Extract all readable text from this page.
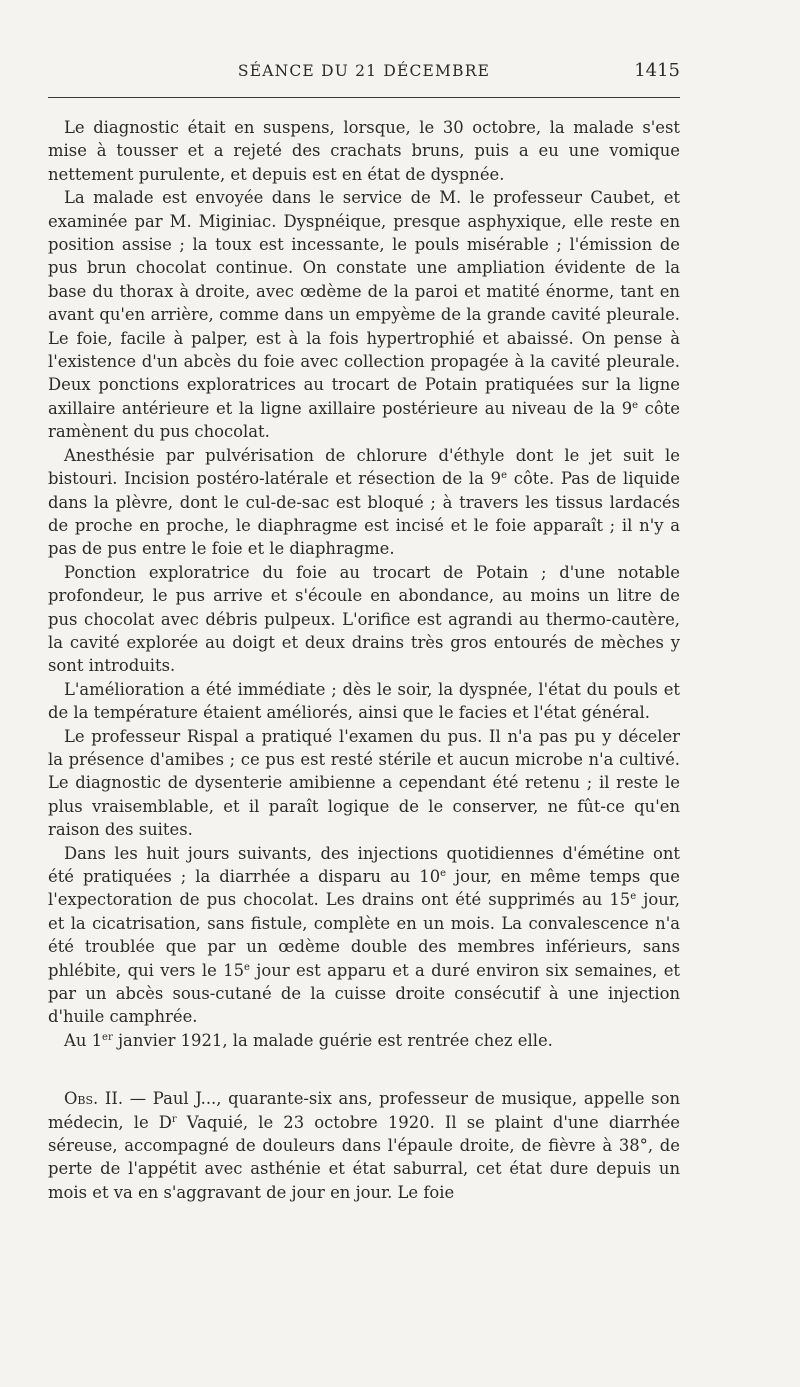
SÉANCE DU 21 DÉCEMBRE	1415

Le diagnostic était en suspens, lorsque, le 30 octobre, la malade s'est mise à tousser et a rejeté des crachats bruns, puis a eu une vomique nettement purulente, et depuis est en état de dyspnée.

La malade est envoyée dans le service de M. le professeur Caubet, et examinée par M. Miginiac. Dyspnéique, presque asphyxique, elle reste en position assise ; la toux est incessante, le pouls misérable ; l'émission de pus brun chocolat continue. On constate une ampliation évidente de la base du thorax à droite, avec œdème de la paroi et matité énorme, tant en avant qu'en arrière, comme dans un empyème de la grande cavité pleurale. Le foie, facile à palper, est à la fois hypertrophié et abaissé. On pense à l'existence d'un abcès du foie avec collection propagée à la cavité pleurale. Deux ponctions exploratrices au trocart de Potain pratiquées sur la ligne axillaire antérieure et la ligne axillaire postérieure au niveau de la 9e côte ramènent du pus chocolat.

Anesthésie par pulvérisation de chlorure d'éthyle dont le jet suit le bistouri. Incision postéro-latérale et résection de la 9e côte. Pas de liquide dans la plèvre, dont le cul-de-sac est bloqué ; à travers les tissus lardacés de proche en proche, le diaphragme est incisé et le foie apparaît ; il n'y a pas de pus entre le foie et le diaphragme.

Ponction exploratrice du foie au trocart de Potain ; d'une notable profondeur, le pus arrive et s'écoule en abondance, au moins un litre de pus chocolat avec débris pulpeux. L'orifice est agrandi au thermo-cautère, la cavité explorée au doigt et deux drains très gros entourés de mèches y sont introduits.

L'amélioration a été immédiate ; dès le soir, la dyspnée, l'état du pouls et de la température étaient améliorés, ainsi que le facies et l'état général.

Le professeur Rispal a pratiqué l'examen du pus. Il n'a pas pu y déceler la présence d'amibes ; ce pus est resté stérile et aucun microbe n'a cultivé. Le diagnostic de dysenterie amibienne a cependant été retenu ; il reste le plus vraisemblable, et il paraît logique de le conserver, ne fût-ce qu'en raison des suites.

Dans les huit jours suivants, des injections quotidiennes d'émétine ont été pratiquées ; la diarrhée a disparu au 10e jour, en même temps que l'expectoration de pus chocolat. Les drains ont été supprimés au 15e jour, et la cicatrisation, sans fistule, complète en un mois. La convalescence n'a été troublée que par un œdème double des membres inférieurs, sans phlébite, qui vers le 15e jour est apparu et a duré environ six semaines, et par un abcès sous-cutané de la cuisse droite consécutif à une injection d'huile camphrée.

Au 1er janvier 1921, la malade guérie est rentrée chez elle.

Obs. II. — Paul J..., quarante-six ans, professeur de musique, appelle son médecin, le $D^r$ Vaquié, le 23 octobre 1920. Il se plaint d'une diarrhée séreuse, accompagné de douleurs dans l'épaule droite, de fièvre à 38°, de perte de l'appétit avec asthénie et état saburral, cet état dure depuis un mois et va en s'aggravant de jour en jour. Le foie
